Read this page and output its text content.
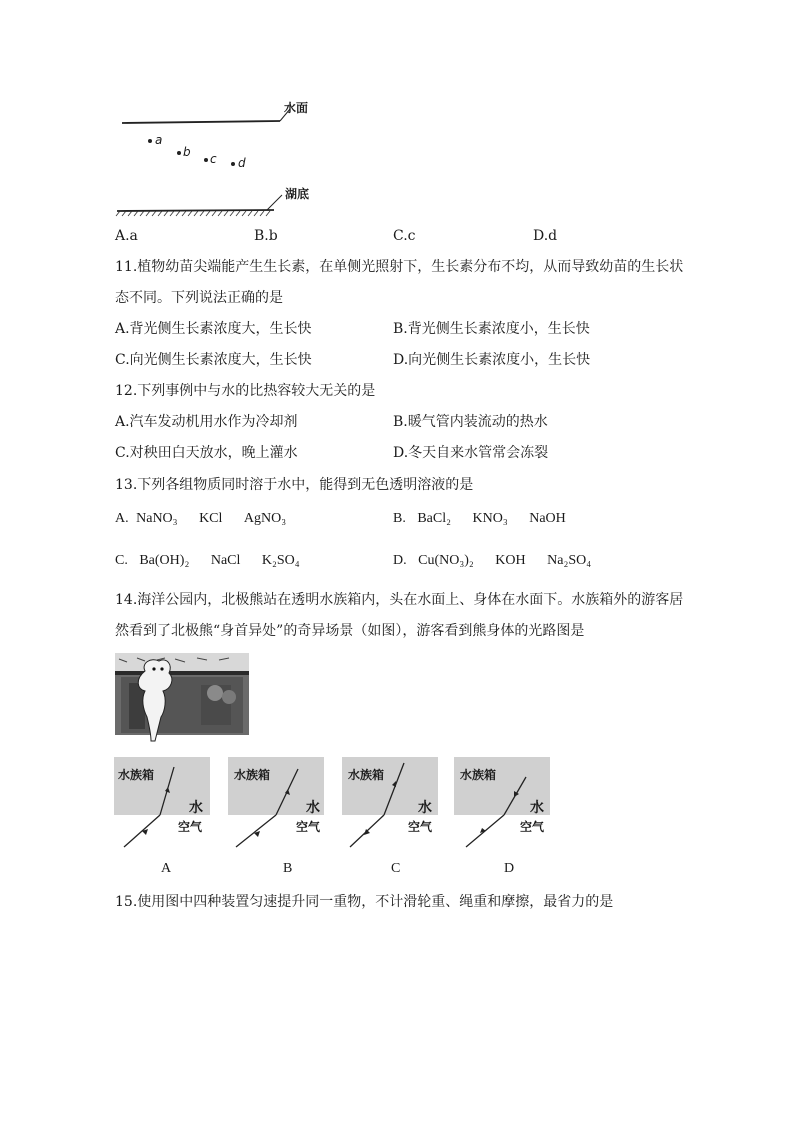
水面
a
b c d
湖底
A.a	B.b	C.c	D.d
11.植物幼苗尖端能产生生长素，在单侧光照射下，生长素分布不均，从而导致幼苗的生长状
态不同。下列说法正确的是
A.背光侧生长素浓度大，生长快	B.背光侧生长素浓度小，生长快
C.向光侧生长素浓度大，生长快	D.向光侧生长素浓度小，生长快
12.下列事例中与水的比热容较大无关的是
A.汽车发动机用水作为冷却剂	B.暖气管内装流动的热水
C.对秧田白天放水，晚上灌水	D.冬天自来水管常会冻裂
13.下列各组物质同时溶于水中，能得到无色透明溶液的是
A. NaNO₃ KCl AgNO₃	B. BaCl₂ KNO₃ NaOH
C. Ba(OH)₂ NaCl K₂SO₄	D. Cu(NO₃)₂ KOH Na₂SO₄
14.海洋公园内，北极熊站在透明水族箱内，头在水面上、身体在水面下。水族箱外的游客居
然看到了北极熊“身首异处”的奇异场景（如图），游客看到熊身体的光路图是
水族箱
水
空气
水族箱
水
空气
水族箱
水
空气
水族箱
水
空气
A	B	C	D
15.使用图中四种装置匀速提升同一重物，不计滑轮重、绳重和摩擦，最省力的是
